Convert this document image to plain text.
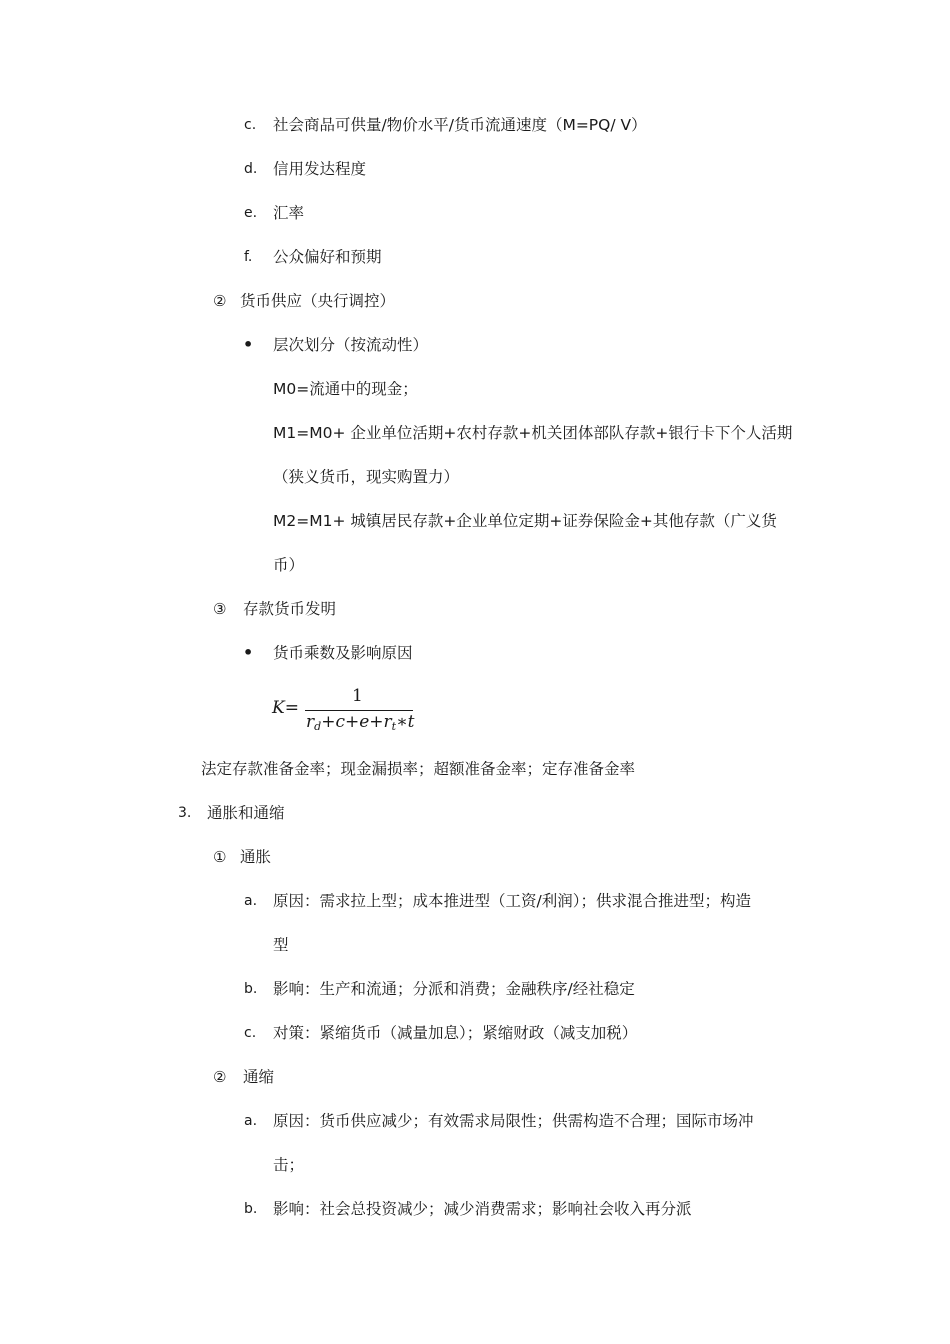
c. 社会商品可供量/物价水平/货币流通速度（M=PQ/ V）
d. 信用发达程度
e. 汇率
f. 公众偏好和预期
② 货币供应（央行调控）
• 层次划分（按流动性）
M0=流通中的现金；
M1=M0+ 企业单位活期+农村存款+机关团体部队存款+银行卡下个人活期
（狭义货币，现实购置力）
M2=M1+ 城镇居民存款+企业单位定期+证券保险金+其他存款（广义货
币）
③ 存款货币发明
• 货币乘数及影响原因
K=
1
$r_d+c+e+r_t∗t$
法定存款准备金率；现金漏损率；超额准备金率；定存准备金率
3. 通胀和通缩
① 通胀
a. 原因：需求拉上型；成本推进型（工资/利润）；供求混合推进型；构造
型
b. 影响：生产和流通；分派和消费；金融秩序/经社稳定
c. 对策：紧缩货币（减量加息）；紧缩财政（减支加税）
② 通缩
a. 原因：货币供应减少；有效需求局限性；供需构造不合理；国际市场冲
击；
b. 影响：社会总投资减少；减少消费需求；影响社会收入再分派
